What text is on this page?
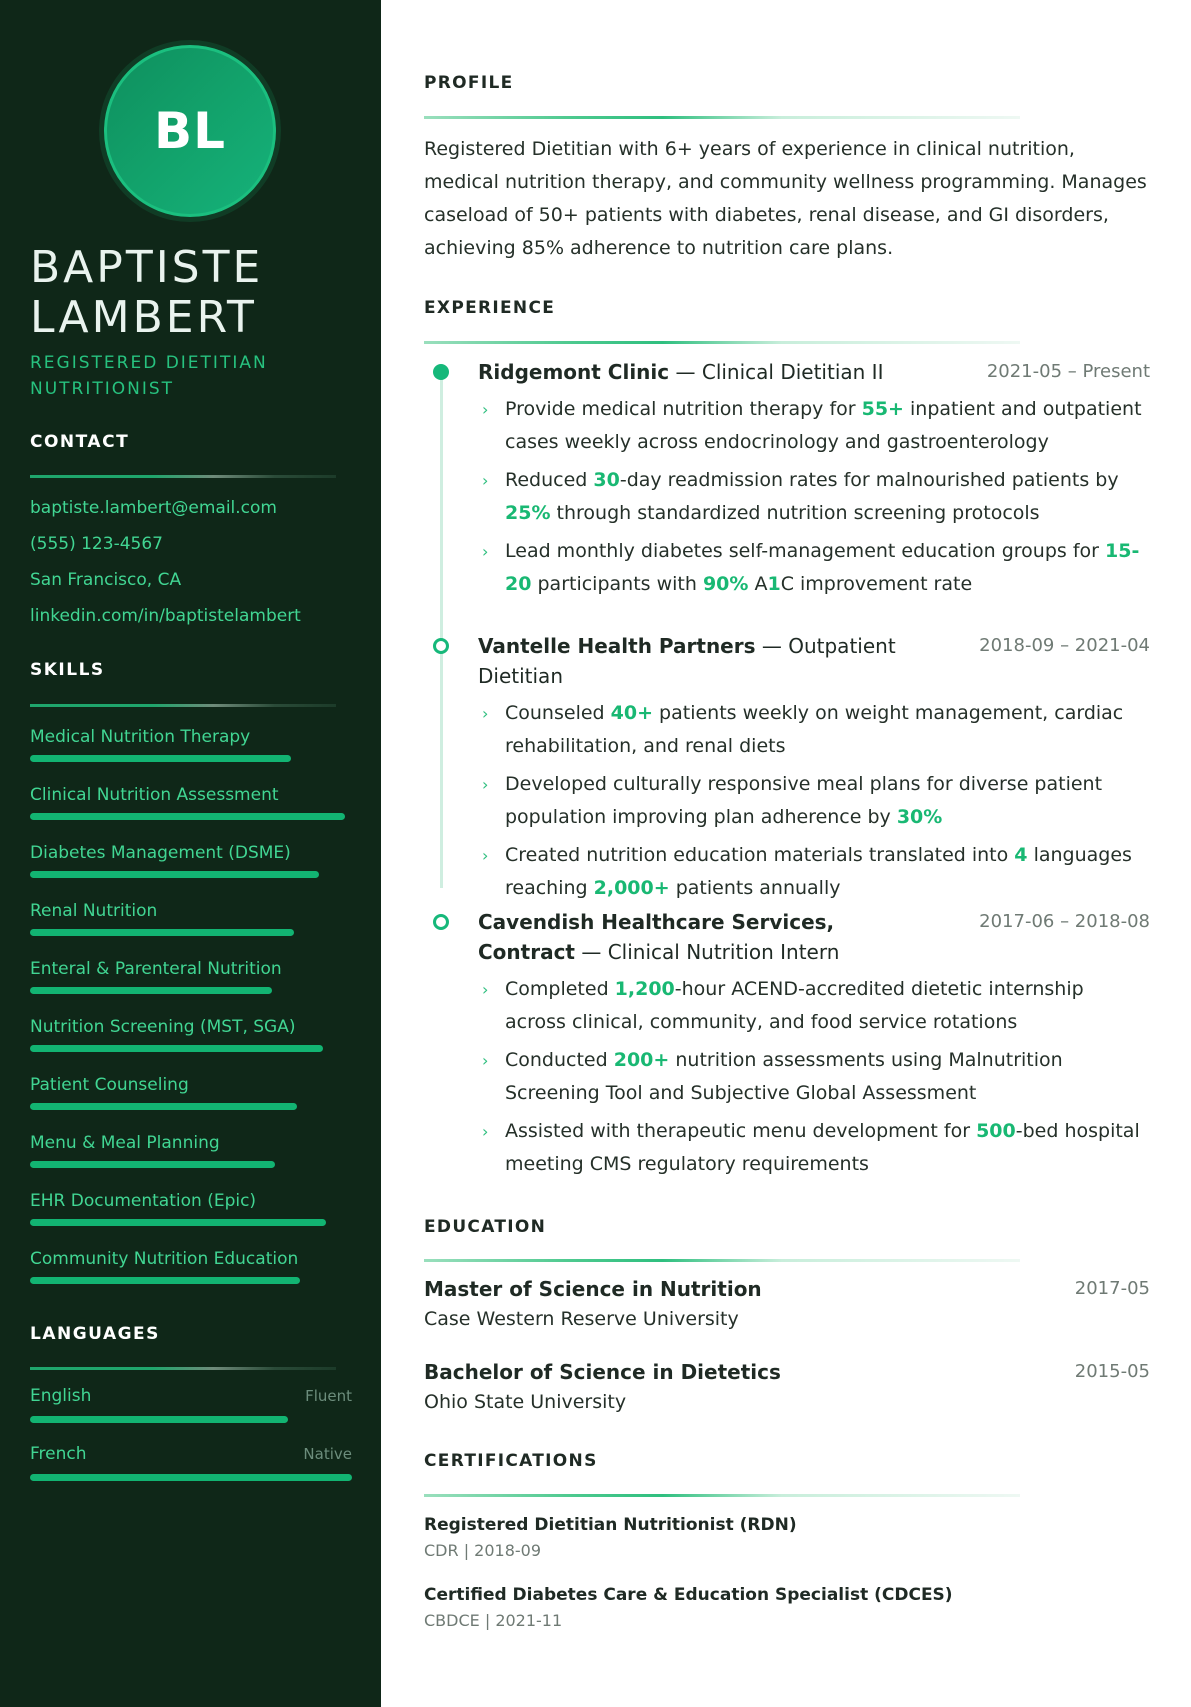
BL
BAPTISTE
LAMBERT
REGISTERED DIETITIAN
NUTRITIONIST
CONTACT
baptiste.lambert@email.com
(555) 123-4567
San Francisco, CA
linkedin.com/in/baptistelambert
SKILLS
Medical Nutrition Therapy
Clinical Nutrition Assessment
Diabetes Management (DSME)
Renal Nutrition
Enteral & Parenteral Nutrition
Nutrition Screening (MST, SGA)
Patient Counseling
Menu & Meal Planning
EHR Documentation (Epic)
Community Nutrition Education
LANGUAGES
English	Fluent
French	Native
PROFILE

Registered Dietitian with 6+ years of experience in clinical nutrition, medical nutrition therapy, and community wellness programming. Manages caseload of 50+ patients with diabetes, renal disease, and GI disorders, achieving 85% adherence to nutrition care plans.

EXPERIENCE
Ridgemont Clinic — Clinical Dietitian II	2021-05 – Present
› Provide medical nutrition therapy for 55+ inpatient and outpatient cases weekly across endocrinology and gastroenterology
› Reduced 30-day readmission rates for malnourished patients by 25% through standardized nutrition screening protocols
› Lead monthly diabetes self-management education groups for 15-20 participants with 90% A1C improvement rate
Vantelle Health Partners — Outpatient Dietitian
2018-09 – 2021-04
› Counseled 40+ patients weekly on weight management, cardiac rehabilitation, and renal diets
› Developed culturally responsive meal plans for diverse patient population improving plan adherence by 30%
› Created nutrition education materials translated into 4 languages reaching 2,000+ patients annually
Cavendish Healthcare Services, Contract — Clinical Nutrition Intern
2017-06 – 2018-08
› Completed 1,200-hour ACEND-accredited dietetic internship across clinical, community, and food service rotations
› Conducted 200+ nutrition assessments using Malnutrition Screening Tool and Subjective Global Assessment
› Assisted with therapeutic menu development for 500-bed hospital meeting CMS regulatory requirements
EDUCATION
Master of Science in Nutrition	2017-05
Case Western Reserve University
Bachelor of Science in Dietetics	2015-05
Ohio State University
CERTIFICATIONS
Registered Dietitian Nutritionist (RDN)
CDR | 2018-09
Certified Diabetes Care & Education Specialist (CDCES)
CBDCE | 2021-11
